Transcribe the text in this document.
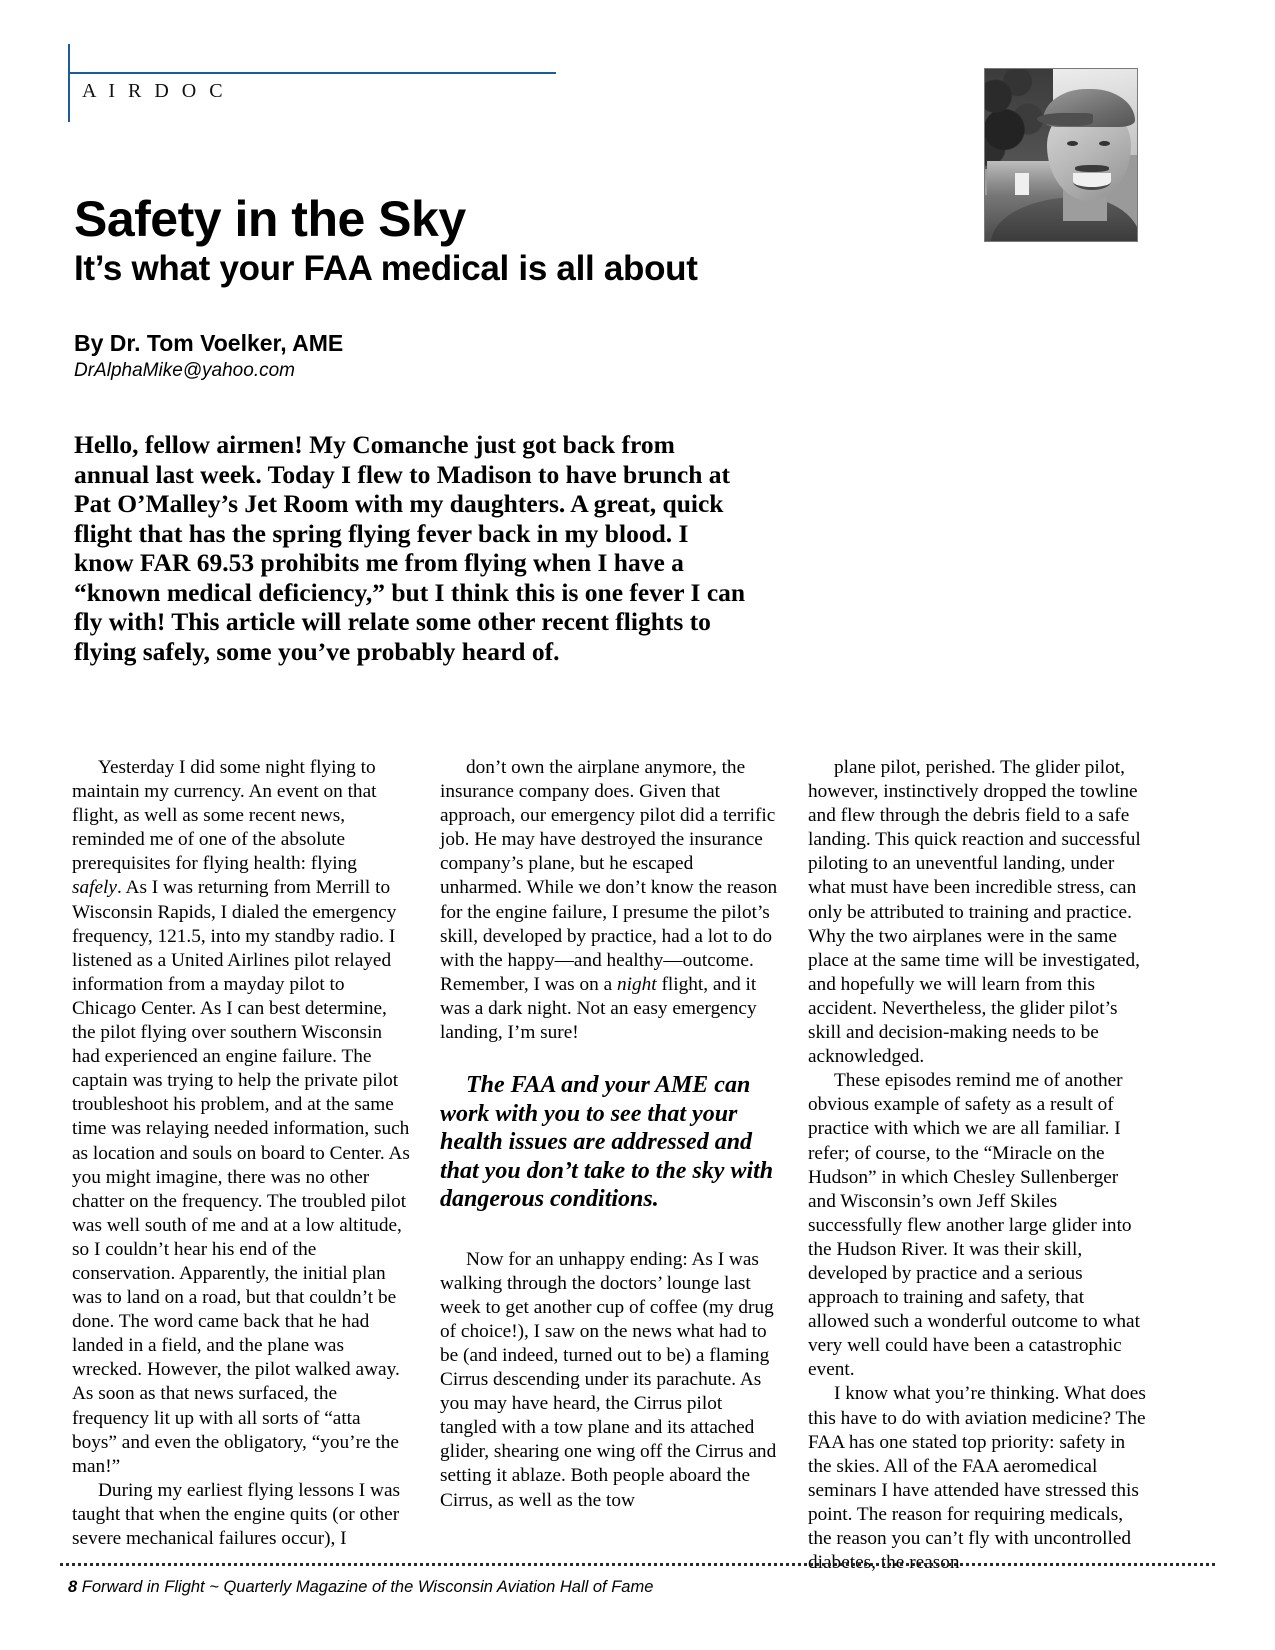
A I R D O C
Safety in the Sky
It’s what your FAA medical is all about
By Dr. Tom Voelker, AME
DrAlphaMike@yahoo.com
Hello, fellow airmen! My Comanche just got back from annual last week. Today I flew to Madison to have brunch at Pat O’Malley’s Jet Room with my daughters. A great, quick flight that has the spring flying fever back in my blood. I know FAR 69.53 prohibits me from flying when I have a “known medical deficiency,” but I think this is one fever I can fly with! This article will relate some other recent flights to flying safely, some you’ve probably heard of.

Yesterday I did some night flying to maintain my currency. An event on that flight, as well as some recent news, reminded me of one of the absolute prerequisites for flying health: flying safely. As I was returning from Merrill to Wisconsin Rapids, I dialed the emergency frequency, 121.5, into my standby radio. I listened as a United Airlines pilot relayed information from a mayday pilot to Chicago Center. As I can best determine, the pilot flying over southern Wisconsin had experienced an engine failure. The captain was trying to help the private pilot troubleshoot his problem, and at the same time was relaying needed information, such as location and souls on board to Center. As you might imagine, there was no other chatter on the frequency. The troubled pilot was well south of me and at a low altitude, so I couldn’t hear his end of the conservation. Apparently, the initial plan was to land on a road, but that couldn’t be done. The word came back that he had landed in a field, and the plane was wrecked. However, the pilot walked away. As soon as that news surfaced, the frequency lit up with all sorts of “atta boys” and even the obligatory, “you’re the man!”

During my earliest flying lessons I was taught that when the engine quits (or other severe mechanical failures occur), I

don’t own the airplane anymore, the insurance company does. Given that approach, our emergency pilot did a terrific job. He may have destroyed the insurance company’s plane, but he escaped unharmed. While we don’t know the reason for the engine failure, I presume the pilot’s skill, developed by practice, had a lot to do with the happy—and healthy—outcome. Remember, I was on a night flight, and it was a dark night. Not an easy emergency landing, I’m sure!

The FAA and your AME can work with you to see that your health issues are addressed and that you don’t take to the sky with dangerous conditions.

Now for an unhappy ending: As I was walking through the doctors’ lounge last week to get another cup of coffee (my drug of choice!), I saw on the news what had to be (and indeed, turned out to be) a flaming Cirrus descending under its parachute. As you may have heard, the Cirrus pilot tangled with a tow plane and its attached glider, shearing one wing off the Cirrus and setting it ablaze. Both people aboard the Cirrus, as well as the tow

plane pilot, perished. The glider pilot, however, instinctively dropped the towline and flew through the debris field to a safe landing. This quick reaction and successful piloting to an uneventful landing, under what must have been incredible stress, can only be attributed to training and practice. Why the two airplanes were in the same place at the same time will be investigated, and hopefully we will learn from this accident. Nevertheless, the glider pilot’s skill and decision-making needs to be acknowledged.

These episodes remind me of another obvious example of safety as a result of practice with which we are all familiar. I refer; of course, to the “Miracle on the Hudson” in which Chesley Sullenberger and Wisconsin’s own Jeff Skiles successfully flew another large glider into the Hudson River. It was their skill, developed by practice and a serious approach to training and safety, that allowed such a wonderful outcome to what very well could have been a catastrophic event.

I know what you’re thinking. What does this have to do with aviation medicine? The FAA has one stated top priority: safety in the skies. All of the FAA aeromedical seminars I have attended have stressed this point. The reason for requiring medicals, the reason you can’t fly with uncontrolled diabetes, the reason

8 Forward in Flight ~ Quarterly Magazine of the Wisconsin Aviation Hall of Fame
